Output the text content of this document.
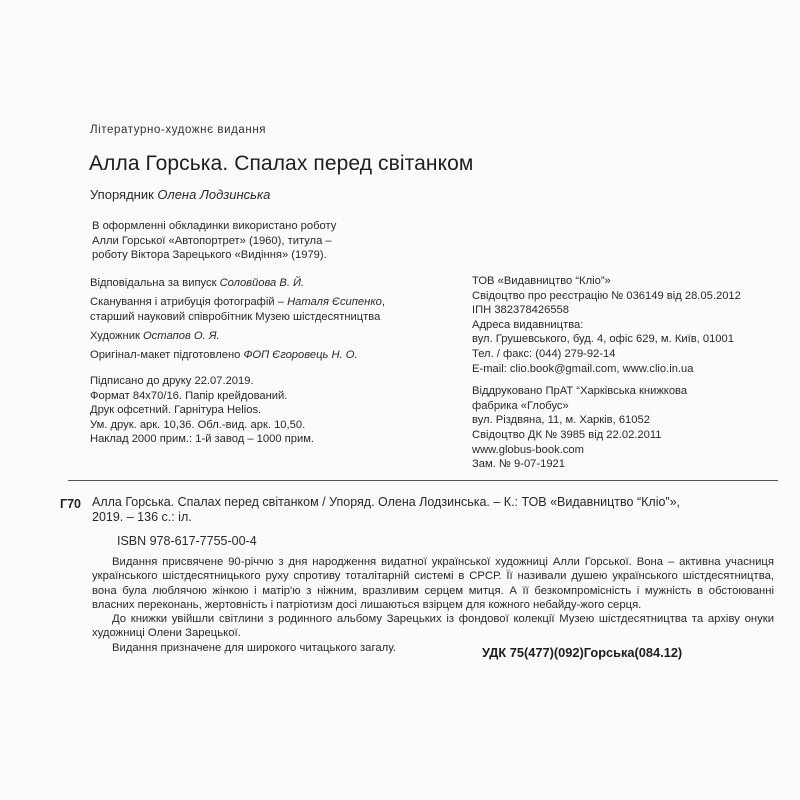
Літературно-художнє видання
Алла Горська. Спалах перед світанком
Упорядник Олена Лодзинська
В оформленні обкладинки використано роботу
Алли Горської «Автопортрет» (1960), титула –
роботу Віктора Зарецького «Видіння» (1979).
Відповідальна за випуск Соловйова В. Й.
Сканування і атрибуція фотографій – Наталя Єсипенко,
старший науковий співробітник Музею шістдесятництва
Художник Остапов О. Я.
Оригінал-макет підготовлено ФОП Єгоровець Н. О.
Підписано до друку 22.07.2019.
Формат 84x70/16. Папір крейдований.
Друк офсетний. Гарнітура Helios.
Ум. друк. арк. 10,36. Обл.-вид. арк. 10,50.
Наклад 2000 прим.: 1-й завод – 1000 прим.
ТОВ «Видавництво “Кліо”»
Свідоцтво про реєстрацію № 036149 від 28.05.2012
ІПН 382378426558
Адреса видавництва:
вул. Грушевського, буд. 4, офіс 629, м. Київ, 01001
Тел. / факс: (044) 279-92-14
E-mail: clio.book@gmail.com, www.clio.in.ua
Віддруковано ПрАТ “Харківська книжкова
фабрика «Глобус»
вул. Різдвяна, 11, м. Харків, 61052
Свідоцтво ДК № 3985 від 22.02.2011
www.globus-book.com
Зам. № 9-07-1921
Г70 Алла Горська. Спалах перед світанком / Упоряд. Олена Лодзинська. – К.: ТОВ «Видавництво “Кліо”»,
2019. – 136 с.: іл.
ISBN 978-617-7755-00-4

Видання присвячене 90-річчю з дня народження видатної української художниці Алли Горської. Вона – активна учасниця українського шістдесятницького руху спротиву тоталітарній системі в СРСР. Її називали душею українського шістдесятництва, вона була люблячою жінкою і матір'ю з ніжним, вразливим серцем митця. А її безкомпромісність і мужність в обстоюванні власних переконань, жертовність і патріотизм досі лишаються взірцем для кожного небайду-жого серця.

До книжки увійшли світлини з родинного альбому Зарецьких із фондової колекції Музею шістдесятництва та архіву онуки художниці Олени Зарецької.

Видання призначене для широкого читацького загалу.	УДК 75(477)(092)Горська(084.12)
